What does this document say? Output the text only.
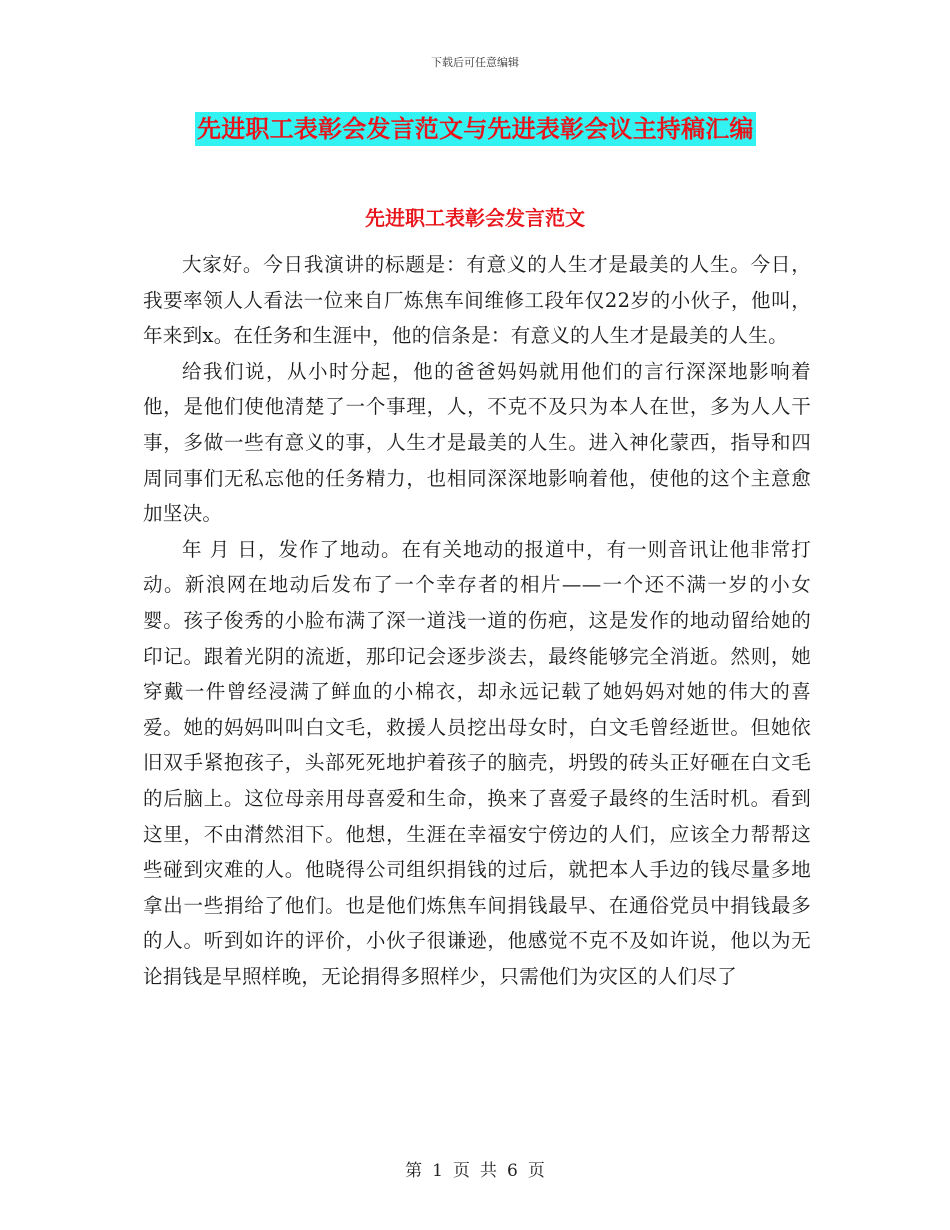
下载后可任意编辑
先进职工表彰会发言范文与先进表彰会议主持稿汇编
先进职工表彰会发言范文

大家好。今日我演讲的标题是：有意义的人生才是最美的人生。今日，我要率领人人看法一位来自厂炼焦车间维修工段年仅22岁的小伙子，他叫，年来到x。在任务和生涯中，他的信条是：有意义的人生才是最美的人生。

给我们说，从小时分起，他的爸爸妈妈就用他们的言行深深地影响着他，是他们使他清楚了一个事理，人，不克不及只为本人在世，多为人人干事，多做一些有意义的事，人生才是最美的人生。进入神化蒙西，指导和四周同事们无私忘他的任务精力，也相同深深地影响着他，使他的这个主意愈加坚决。

年 月 日，发作了地动。在有关地动的报道中，有一则音讯让他非常打动。新浪网在地动后发布了一个幸存者的相片——一个还不满一岁的小女婴。孩子俊秀的小脸布满了深一道浅一道的伤疤，这是发作的地动留给她的印记。跟着光阴的流逝，那印记会逐步淡去，最终能够完全消逝。然则，她穿戴一件曾经浸满了鲜血的小棉衣，却永远记载了她妈妈对她的伟大的喜爱。她的妈妈叫叫白文毛，救援人员挖出母女时，白文毛曾经逝世。但她依旧双手紧抱孩子，头部死死地护着孩子的脑壳，坍毁的砖头正好砸在白文毛的后脑上。这位母亲用母喜爱和生命，换来了喜爱子最终的生活时机。看到这里，不由潸然泪下。他想，生涯在幸福安宁傍边的人们，应该全力帮帮这些碰到灾难的人。他晓得公司组织捐钱的过后，就把本人手边的钱尽量多地拿出一些捐给了他们。也是他们炼焦车间捐钱最早、在通俗党员中捐钱最多的人。听到如许的评价，小伙子很谦逊，他感觉不克不及如许说，他以为无论捐钱是早照样晚，无论捐得多照样少，只需他们为灾区的人们尽了

第 1 页 共 6 页
